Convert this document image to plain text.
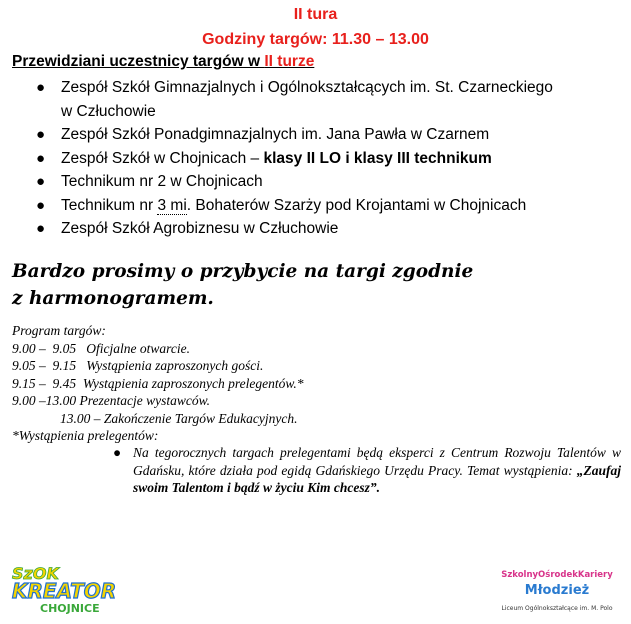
II tura
Godziny targów: 11.30 – 13.00
Przewidziani uczestnicy targów w II turze
● Zespół Szkół Gimnazjalnych i Ogólnokształcących im. St. Czarneckiego
w Człuchowie
● Zespół Szkół Ponadgimnazjalnych im. Jana Pawła w Czarnem
● Zespół Szkół w Chojnicach – klasy II LO i klasy III technikum
● Technikum nr 2 w Chojnicach
● Technikum nr 3 mi. Bohaterów Szarży pod Krojantami w Chojnicach
● Zespół Szkół Agrobiznesu w Człuchowie
Bardzo prosimy o przybycie na targi zgodnie
z harmonogramem.
Program targów:
9.00 –  9.05   Oficjalne otwarcie.
9.05 –  9.15   Wystąpienia zaproszonych gości.
9.15 –  9.45  Wystąpienia zaproszonych prelegentów.*
9.00 –13.00 Prezentacje wystawców.
13.00 – Zakończenie Targów Edukacyjnych.
*Wystąpienia prelegentów:
● Na tegorocznych targach prelegentami będą eksperci z Centrum Rozwoju Talentów w Gdańsku, które działa pod egidą Gdańskiego Urzędu Pracy. Temat wystąpienia: „Zaufaj swoim Talentom i bądź w życiu Kim chcesz”.
SzOK
KREATOR
CHOJNICE
SzkolnyOśrodekKariery
Młodzież
Liceum Ogólnokształcące im. M. Polo
